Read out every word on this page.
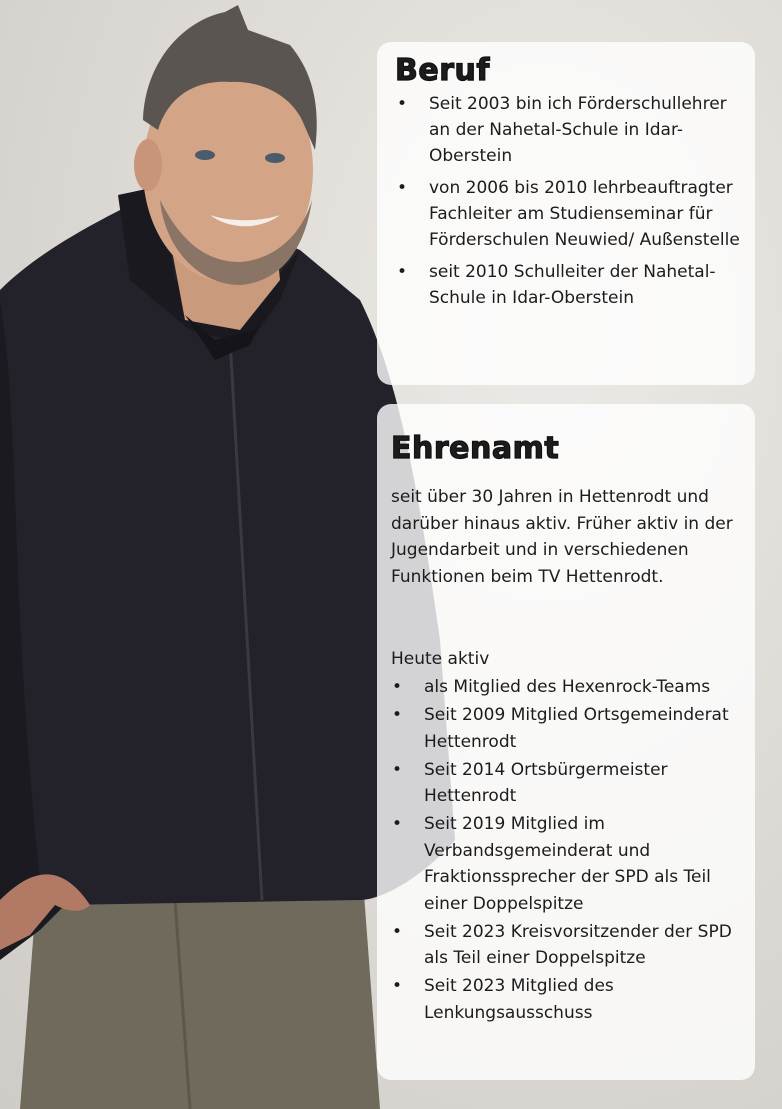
Beruf
• Seit 2003 bin ich Förderschullehrer an der Nahetal-Schule in Idar-Oberstein
• von 2006 bis 2010 lehrbeauftragter Fachleiter am Studienseminar für Förderschulen Neuwied/ Außenstelle
• seit 2010 Schulleiter der Nahetal-Schule in Idar-Oberstein
Ehrenamt
seit über 30 Jahren in Hettenrodt und darüber hinaus aktiv. Früher aktiv in der Jugendarbeit und in verschiedenen Funktionen beim TV Hettenrodt.
Heute aktiv
• als Mitglied des Hexenrock-Teams
• Seit 2009 Mitglied Ortsgemeinderat Hettenrodt
• Seit 2014 Ortsbürgermeister Hettenrodt
• Seit 2019 Mitglied im Verbandsgemeinderat und Fraktionssprecher der SPD als Teil einer Doppelspitze
• Seit 2023 Kreisvorsitzender der SPD als Teil einer Doppelspitze
• Seit 2023 Mitglied des Lenkungsausschuss
